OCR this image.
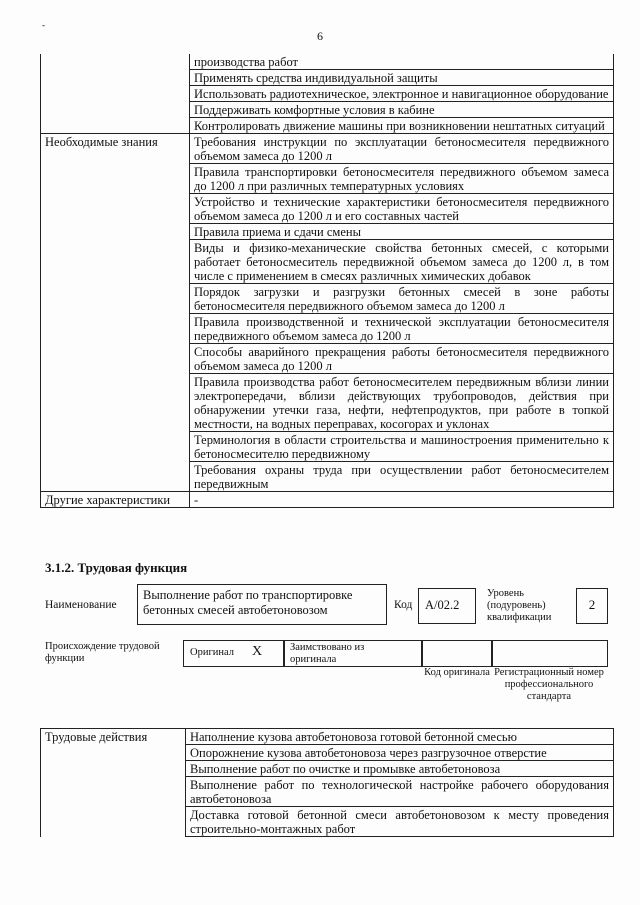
-
6
	производства работ
	Применять средства индивидуальной защиты
	Использовать радиотехническое, электронное и навигационное оборудование
	Поддерживать комфортные условия в кабине
	Контролировать движение машины при возникновении нештатных ситуаций
Необходимые знания	Требования инструкции по эксплуатации бетоносмесителя передвижного объемом замеса до 1200 л
	Правила транспортировки бетоносмесителя передвижного объемом замеса до 1200 л при различных температурных условиях
	Устройство и технические характеристики бетоносмесителя передвижного объемом замеса до 1200 л и его составных частей
	Правила приема и сдачи смены
	Виды и физико-механические свойства бетонных смесей, с которыми работает бетоносмеситель передвижной объемом замеса до 1200 л, в том числе с применением в смесях различных химических добавок
	Порядок загрузки и разгрузки бетонных смесей в зоне работы бетоносмесителя передвижного объемом замеса до 1200 л
	Правила производственной и технической эксплуатации бетоносмесителя передвижного объемом замеса до 1200 л
	Способы аварийного прекращения работы бетоносмесителя передвижного объемом замеса до 1200 л
	Правила производства работ бетоносмесителем передвижным вблизи линии электропередачи, вблизи действующих трубопроводов, действия при обнаружении утечки газа, нефти, нефтепродуктов, при работе в топкой местности, на водных переправах, косогорах и уклонах
	Терминология в области строительства и машиностроения применительно к бетоносмесителю передвижному
	Требования охраны труда при осуществлении работ бетоносмесителем передвижным
Другие характеристики	-
3.1.2. Трудовая функция
Наименование
Выполнение работ по транспортировке бетонных смесей автобетоновозом	Код	А/02.2
Уровень (подуровень) квалификации
2
Происхождение трудовой функции
Оригинал X	Заимствовано из оригинала
Код оригинала Регистрационный номер профессионального стандарта
Трудовые действия	Наполнение кузова автобетоновоза готовой бетонной смесью
	Опорожнение кузова автобетоновоза через разгрузочное отверстие
	Выполнение работ по очистке и промывке автобетоновоза
	Выполнение работ по технологической настройке рабочего оборудования автобетоновоза
	Доставка готовой бетонной смеси автобетоновозом к месту проведения строительно-монтажных работ
